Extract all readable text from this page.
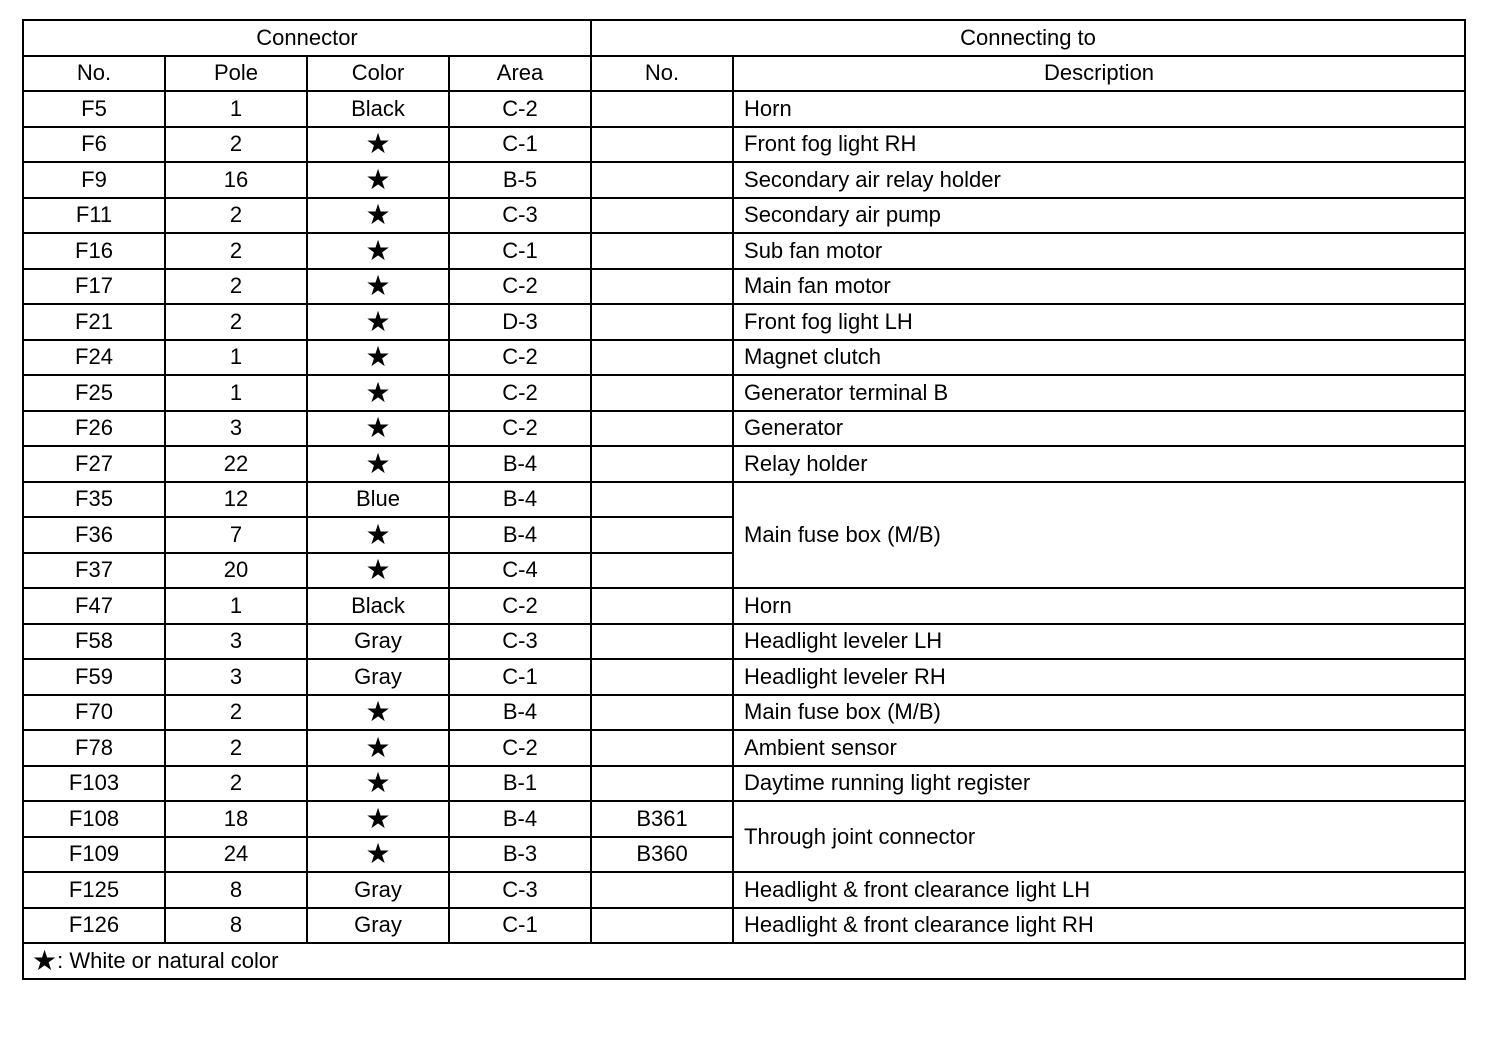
Connector				Connecting to	
No.	Pole	Color	Area	No.	Description
F5	1	Black	C-2		Horn
F6	2	★	C-1		Front fog light RH
F9	16	★	B-5		Secondary air relay holder
F11	2	★	C-3		Secondary air pump
F16	2	★	C-1		Sub fan motor
F17	2	★	C-2		Main fan motor
F21	2	★	D-3		Front fog light LH
F24	1	★	C-2		Magnet clutch
F25	1	★	C-2		Generator terminal B
F26	3	★	C-2		Generator
F27	22	★	B-4		Relay holder
F35	12	Blue	B-4		Main fuse box (M/B)
F36	7	★	B-4		
F37	20	★	C-4		
F47	1	Black	C-2		Horn
F58	3	Gray	C-3		Headlight leveler LH
F59	3	Gray	C-1		Headlight leveler RH
F70	2	★	B-4		Main fuse box (M/B)
F78	2	★	C-2		Ambient sensor
F103	2	★	B-1		Daytime running light register
F108	18	★	B-4	B361	Through joint connector
F109	24	★	B-3	B360	
F125	8	Gray	C-3		Headlight & front clearance light LH
F126	8	Gray	C-1		Headlight & front clearance light RH
★: White or natural color					
